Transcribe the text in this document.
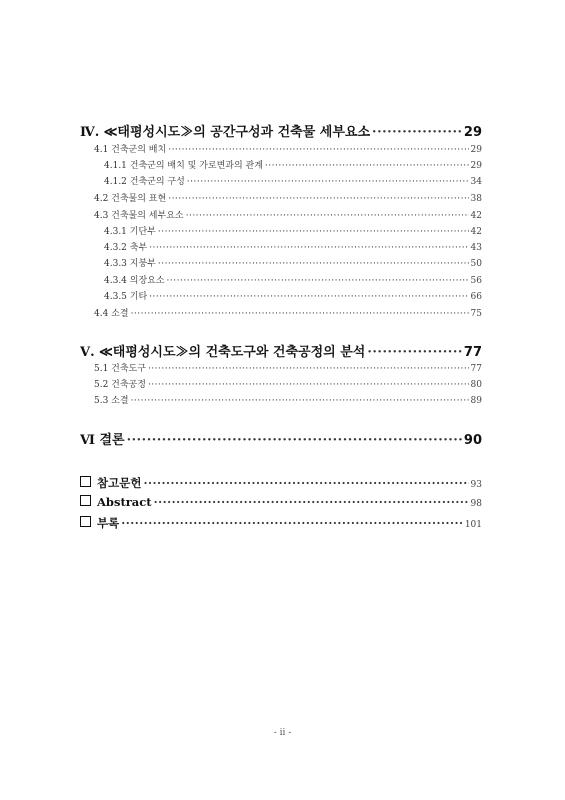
Ⅳ. ≪태평성시도≫의 공간구성과 건축물 세부요소 ·····	29
4.1 건축군의 배치 ·····	29
4.1.1 건축군의 배치 및 가로변과의 관계 ·····	29
4.1.2 건축군의 구성 ·····	34
4.2 건축물의 표현 ·····	38
4.3 건축물의 세부요소 ·····	42
4.3.1 기단부 ·····	42
4.3.2 축부 ·····	43
4.3.3 지붕부 ·····	50
4.3.4 의장요소 ·····	56
4.3.5 기타 ·····	66
4.4 소결 ·····	75
Ⅴ. ≪태평성시도≫의 건축도구와 건축공정의 분석 ·····	77
5.1 건축도구 ·····	77
5.2 건축공정 ·····	80
5.3 소결 ·····	89
Ⅵ 결론 ·····	90
참고문헌 ·····	93
Abstract ·····	98
부록 ·····	101
- ii -
